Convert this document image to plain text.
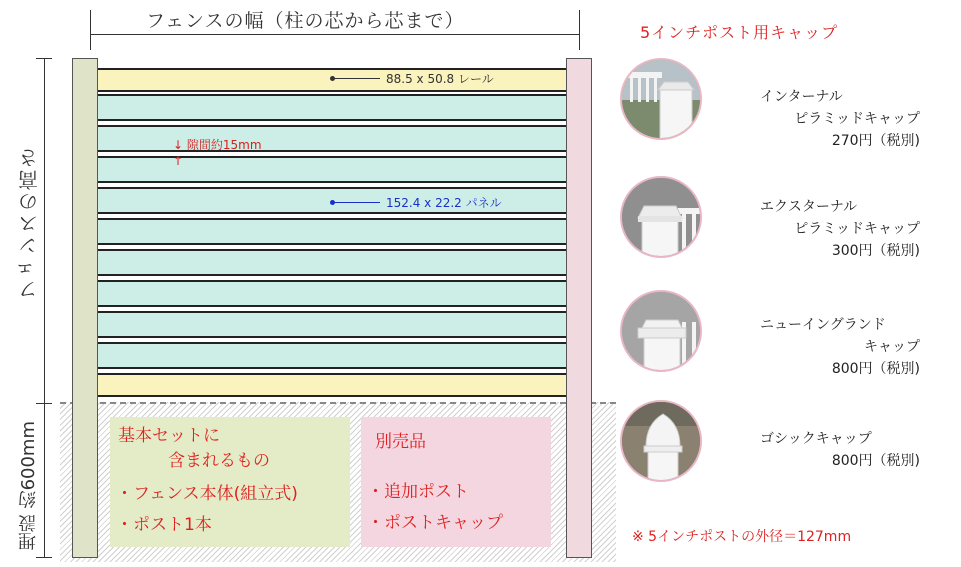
フェンスの幅（柱の芯から芯まで）
フェンスの高さ
埋設 約600mm
88.5 x 50.8 レール
152.4 x 22.2 パネル
↓ 隙間約15mm
↑
基本セットに
含まれるもの
・フェンス本体(組立式)
・ポスト1本
別売品
・追加ポスト
・ポストキャップ
5インチポスト用キャップ
インターナル
ピラミッドキャップ
270円（税別)
エクスターナル
ピラミッドキャップ
300円（税別)
ニューイングランド
キャップ
800円（税別)
ゴシックキャップ
800円（税別)
※ 5インチポストの外径＝127mm
